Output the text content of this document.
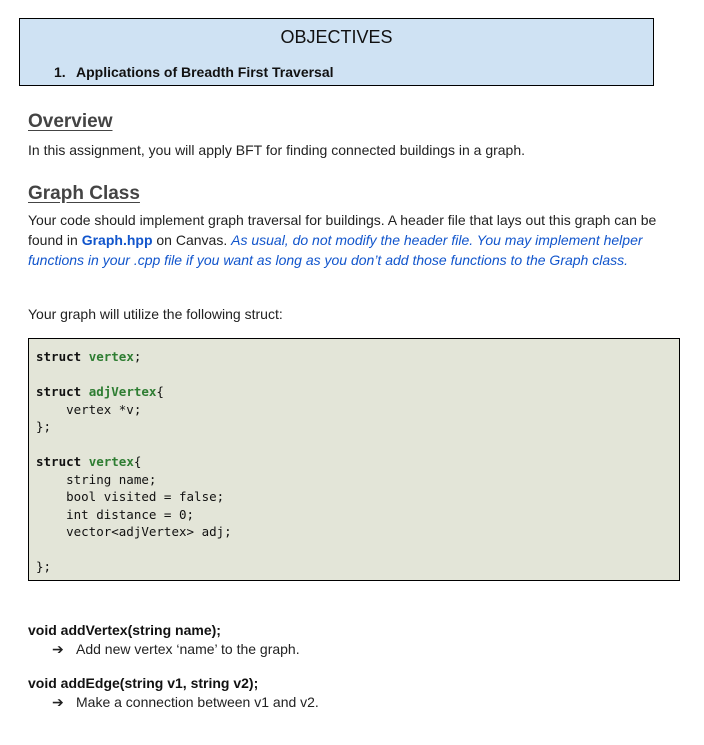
OBJECTIVES
1. Applications of Breadth First Traversal
Overview

In this assignment, you will apply BFT for finding connected buildings in a graph.

Graph Class

Your code should implement graph traversal for buildings. A header file that lays out this graph can be found in Graph.hpp on Canvas. As usual, do not modify the header file. You may implement helper functions in your .cpp file if you want as long as you don’t add those functions to the Graph class.

Your graph will utilize the following struct:

struct vertex;

struct adjVertex{
vertex *v;
};

struct vertex{
string name;
bool visited = false;
int distance = 0;
vector<adjVertex> adj;

};
void addVertex(string name);
➔ Add new vertex ‘name’ to the graph.
void addEdge(string v1, string v2);
➔ Make a connection between v1 and v2.
